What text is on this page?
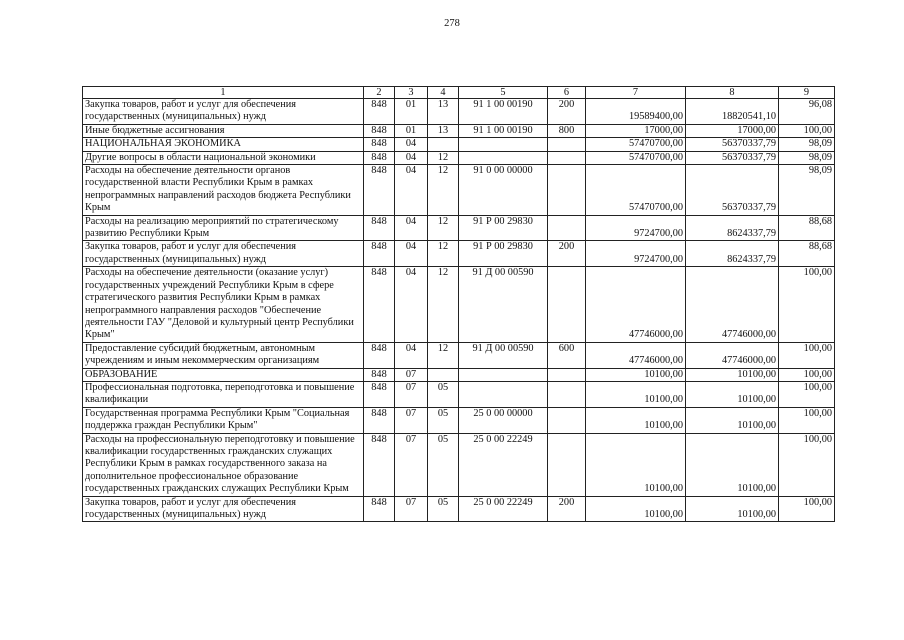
278
1	2	3	4	5	6	7	8	9
Закупка товаров, работ и услуг для обеспечения государственных (муниципальных) нужд	848	01	13	91 1 00 00190	200	19589400,00	18820541,10	96,08
Иные бюджетные ассигнования	848	01	13	91 1 00 00190	800	17000,00	17000,00	100,00
НАЦИОНАЛЬНАЯ ЭКОНОМИКА	848	04				57470700,00	56370337,79	98,09
Другие вопросы в области национальной экономики	848	04	12			57470700,00	56370337,79	98,09
Расходы на обеспечение деятельности органов государственной власти Республики Крым в рамках непрограммных направлений расходов бюджета Республики Крым	848	04	12	91 0 00 00000		57470700,00	56370337,79	98,09
Расходы на реализацию мероприятий по стратегическому развитию Республики Крым	848	04	12	91 Р 00 29830		9724700,00	8624337,79	88,68
Закупка товаров, работ и услуг для обеспечения государственных (муниципальных) нужд	848	04	12	91 Р 00 29830	200	9724700,00	8624337,79	88,68
Расходы на обеспечение деятельности (оказание услуг) государственных учреждений Республики Крым в сфере стратегического развития Республики Крым в рамках непрограммного направления расходов "Обеспечение деятельности ГАУ "Деловой и культурный центр Республики Крым"	848	04	12	91 Д 00 00590		47746000,00	47746000,00	100,00
Предоставление субсидий бюджетным, автономным учреждениям и иным некоммерческим организациям	848	04	12	91 Д 00 00590	600	47746000,00	47746000,00	100,00
ОБРАЗОВАНИЕ	848	07				10100,00	10100,00	100,00
Профессиональная подготовка, переподготовка и повышение квалификации	848	07	05			10100,00	10100,00	100,00
Государственная программа Республики Крым "Социальная поддержка граждан Республики Крым"	848	07	05	25 0 00 00000		10100,00	10100,00	100,00
Расходы на профессиональную переподготовку и повышение квалификации государственных гражданских служащих Республики Крым в рамках государственного заказа на дополнительное профессиональное образование государственных гражданских служащих Республики Крым	848	07	05	25 0 00 22249		10100,00	10100,00	100,00
Закупка товаров, работ и услуг для обеспечения государственных (муниципальных) нужд	848	07	05	25 0 00 22249	200	10100,00	10100,00	100,00
